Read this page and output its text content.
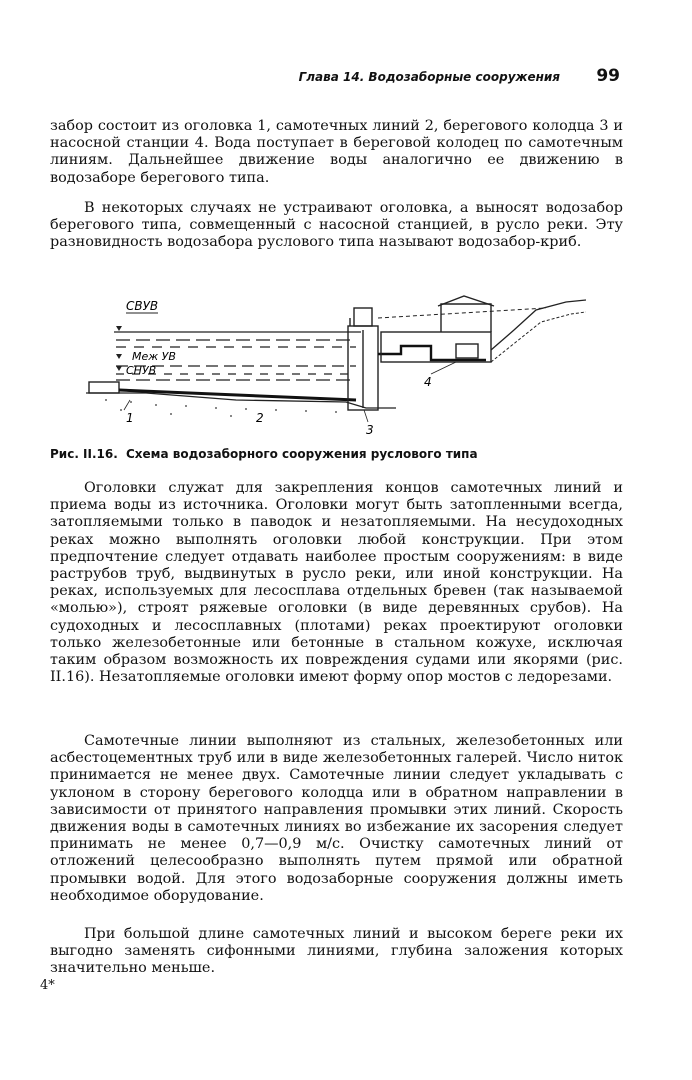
Глава 14. Водозаборные сооружения 99

забор состоит из оголовка 1, самотечных линий 2, берегового колодца 3 и насосной станции 4. Вода поступает в береговой колодец по самотечным линиям. Дальнейшее движение воды аналогично ее движению в водозаборе берегового типа.

В некоторых случаях не устраивают оголовка, а выносят водозабор берегового типа, совмещенный с насосной станцией, в русло реки. Эту разновидность водозабора руслового типа называют водозабор-криб.

СВУВ
Меж УВ
СНУВ
1	2
3
4
Рис. II.16. Схема водозаборного сооружения руслового типа

Оголовки служат для закрепления концов самотечных линий и приема воды из источника. Оголовки могут быть затопленными всегда, затопляемыми только в паводок и незатопляемыми. На несудоходных реках можно выполнять оголовки любой конструкции. При этом предпочтение следует отдавать наиболее простым сооружениям: в виде раструбов труб, выдвинутых в русло реки, или иной конструкции. На реках, используемых для лесосплава отдельных бревен (так называемой «молью»), строят ряжевые оголовки (в виде деревянных срубов). На судоходных и лесосплавных (плотами) реках проектируют оголовки только железобетонные или бетонные в стальном кожухе, исключая таким образом возможность их повреждения судами или якорями (рис. II.16). Незатопляемые оголовки имеют форму опор мостов с ледорезами.

Самотечные линии выполняют из стальных, железобетонных или асбестоцементных труб или в виде железобетонных галерей. Число ниток принимается не менее двух. Самотечные линии следует укладывать с уклоном в сторону берегового колодца или в обратном направлении в зависимости от принятого направления промывки этих линий. Скорость движения воды в самотечных линиях во избежание их засорения следует принимать не менее 0,7—0,9 м/с. Очистку самотечных линий от отложений целесообразно выполнять путем прямой или обратной промывки водой. Для этого водозаборные сооружения должны иметь необходимое оборудование.

При большой длине самотечных линий и высоком береге реки их выгодно заменять сифонными линиями, глубина заложения которых значительно меньше.

4*
